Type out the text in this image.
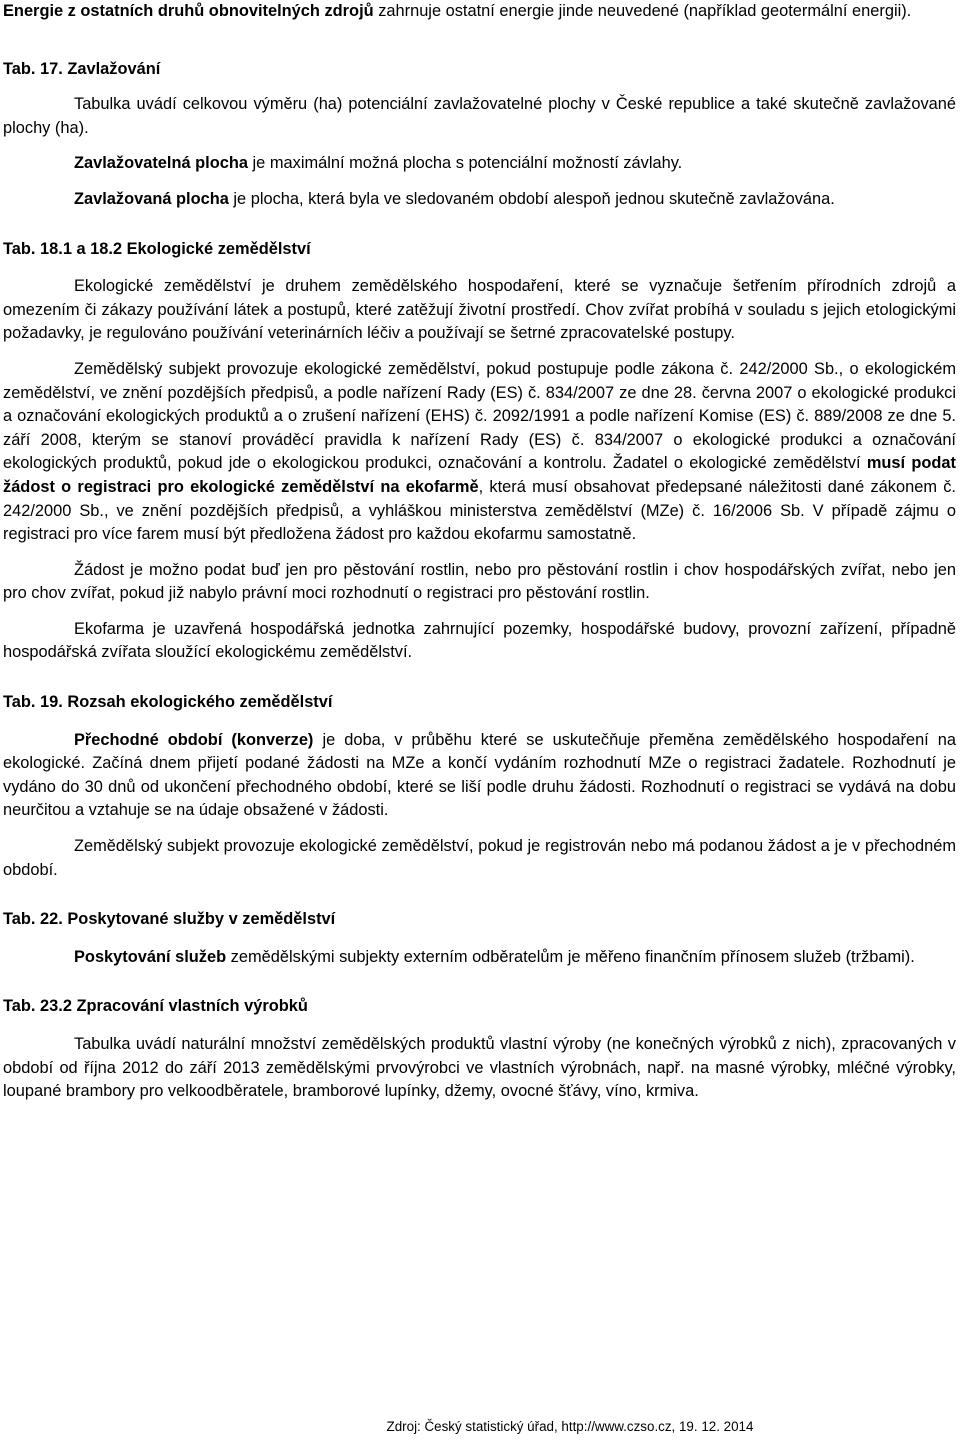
Energie z ostatních druhů obnovitelných zdrojů zahrnuje ostatní energie jinde neuvedené (například geotermální energii).

Tab. 17. Zavlažování

Tabulka uvádí celkovou výměru (ha) potenciální zavlažovatelné plochy v České republice a také skutečně zavlažované plochy (ha).

Zavlažovatelná plocha je maximální možná plocha s potenciální možností závlahy.

Zavlažovaná plocha je plocha, která byla ve sledovaném období alespoň jednou skutečně zavlažována.

Tab. 18.1 a 18.2 Ekologické zemědělství

Ekologické zemědělství je druhem zemědělského hospodaření, které se vyznačuje šetřením přírodních zdrojů a omezením či zákazy používání látek a postupů, které zatěžují životní prostředí. Chov zvířat probíhá v souladu s jejich etologickými požadavky, je regulováno používání veterinárních léčiv a používají se šetrné zpracovatelské postupy.

Zemědělský subjekt provozuje ekologické zemědělství, pokud postupuje podle zákona č. 242/2000 Sb., o ekologickém zemědělství, ve znění pozdějších předpisů, a podle nařízení Rady (ES) č. 834/2007 ze dne 28. června 2007 o ekologické produkci a označování ekologických produktů a o zrušení nařízení (EHS) č. 2092/1991 a podle nařízení Komise (ES) č. 889/2008 ze dne 5. září 2008, kterým se stanoví prováděcí pravidla k nařízení Rady (ES) č. 834/2007 o ekologické produkci a označování ekologických produktů, pokud jde o ekologickou produkci, označování a kontrolu. Žadatel o ekologické zemědělství musí podat žádost o registraci pro ekologické zemědělství na ekofarmě, která musí obsahovat předepsané náležitosti dané zákonem č. 242/2000 Sb., ve znění pozdějších předpisů, a vyhláškou ministerstva zemědělství (MZe) č. 16/2006 Sb. V případě zájmu o registraci pro více farem musí být předložena žádost pro každou ekofarmu samostatně.

Žádost je možno podat buď jen pro pěstování rostlin, nebo pro pěstování rostlin i chov hospodářských zvířat, nebo jen pro chov zvířat, pokud již nabylo právní moci rozhodnutí o registraci pro pěstování rostlin.

Ekofarma je uzavřená hospodářská jednotka zahrnující pozemky, hospodářské budovy, provozní zařízení, případně hospodářská zvířata sloužící ekologickému zemědělství.

Tab. 19. Rozsah ekologického zemědělství

Přechodné období (konverze) je doba, v průběhu které se uskutečňuje přeměna zemědělského hospodaření na ekologické. Začíná dnem přijetí podané žádosti na MZe a končí vydáním rozhodnutí MZe o registraci žadatele. Rozhodnutí je vydáno do 30 dnů od ukončení přechodného období, které se liší podle druhu žádosti. Rozhodnutí o registraci se vydává na dobu neurčitou a vztahuje se na údaje obsažené v žádosti.

Zemědělský subjekt provozuje ekologické zemědělství, pokud je registrován nebo má podanou žádost a je v přechodném období.

Tab. 22. Poskytované služby v zemědělství

Poskytování služeb zemědělskými subjekty externím odběratelům je měřeno finančním přínosem služeb (tržbami).

Tab. 23.2 Zpracování vlastních výrobků

Tabulka uvádí naturální množství zemědělských produktů vlastní výroby (ne konečných výrobků z nich), zpracovaných v období od října 2012 do září 2013 zemědělskými prvovýrobci ve vlastních výrobnách, např. na masné výrobky, mléčné výrobky, loupané brambory pro velkoodběratele, bramborové lupínky, džemy, ovocné šťávy, víno, krmiva.

Zdroj: Český statistický úřad, http://www.czso.cz, 19. 12. 2014
